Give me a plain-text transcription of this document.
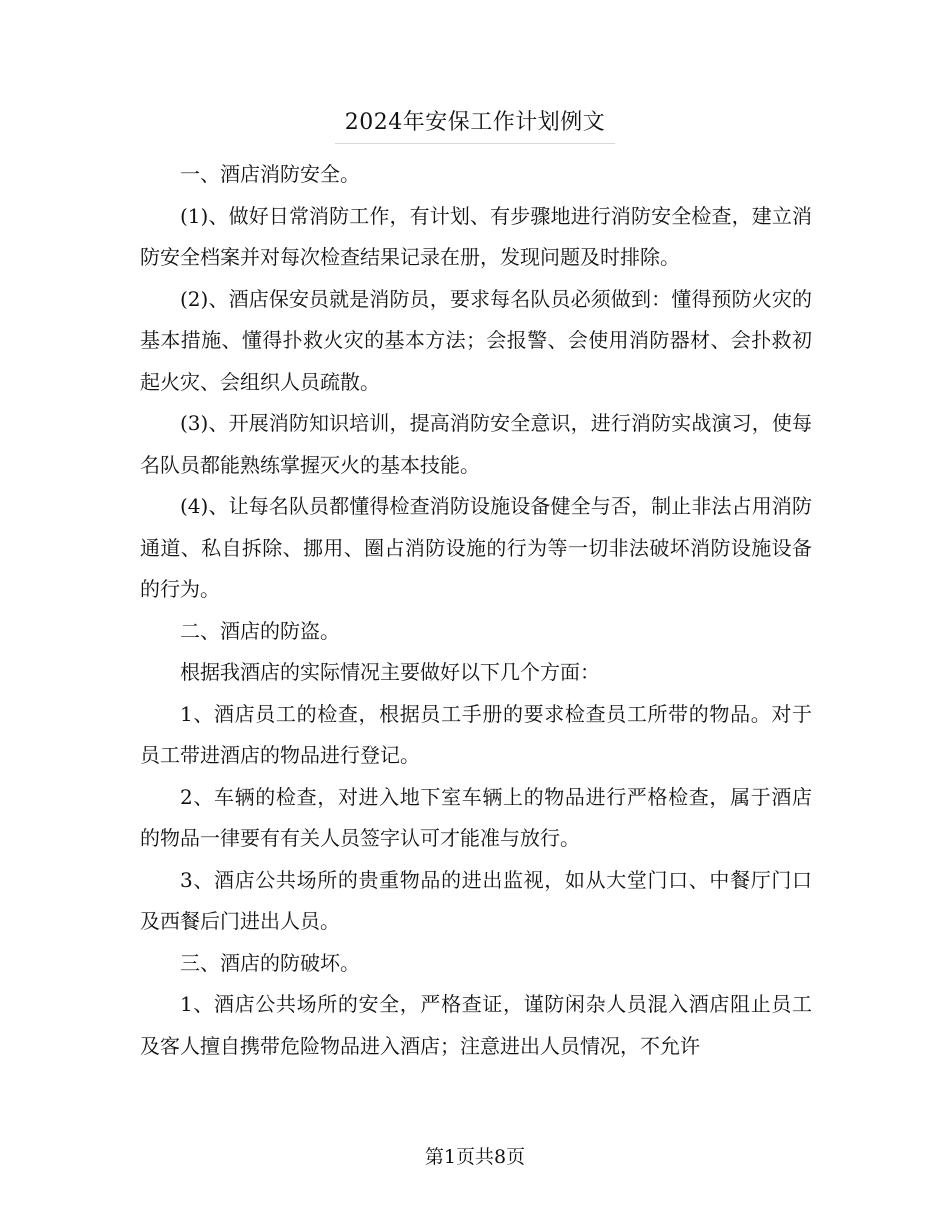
2024年安保工作计划例文

一、酒店消防安全。

(1)、做好日常消防工作，有计划、有步骤地进行消防安全检查，建立消防安全档案并对每次检查结果记录在册，发现问题及时排除。

(2)、酒店保安员就是消防员，要求每名队员必须做到：懂得预防火灾的基本措施、懂得扑救火灾的基本方法；会报警、会使用消防器材、会扑救初起火灾、会组织人员疏散。

(3)、开展消防知识培训，提高消防安全意识，进行消防实战演习，使每名队员都能熟练掌握灭火的基本技能。

(4)、让每名队员都懂得检查消防设施设备健全与否，制止非法占用消防通道、私自拆除、挪用、圈占消防设施的行为等一切非法破坏消防设施设备的行为。

二、酒店的防盗。

根据我酒店的实际情况主要做好以下几个方面：

1、酒店员工的检查，根据员工手册的要求检查员工所带的物品。对于员工带进酒店的物品进行登记。

2、车辆的检查，对进入地下室车辆上的物品进行严格检查，属于酒店的物品一律要有有关人员签字认可才能准与放行。

3、酒店公共场所的贵重物品的进出监视，如从大堂门口、中餐厅门口及西餐后门进出人员。

三、酒店的防破坏。

1、酒店公共场所的安全，严格查证，谨防闲杂人员混入酒店阻止员工及客人擅自携带危险物品进入酒店；注意进出人员情况，不允许

第1页共8页
